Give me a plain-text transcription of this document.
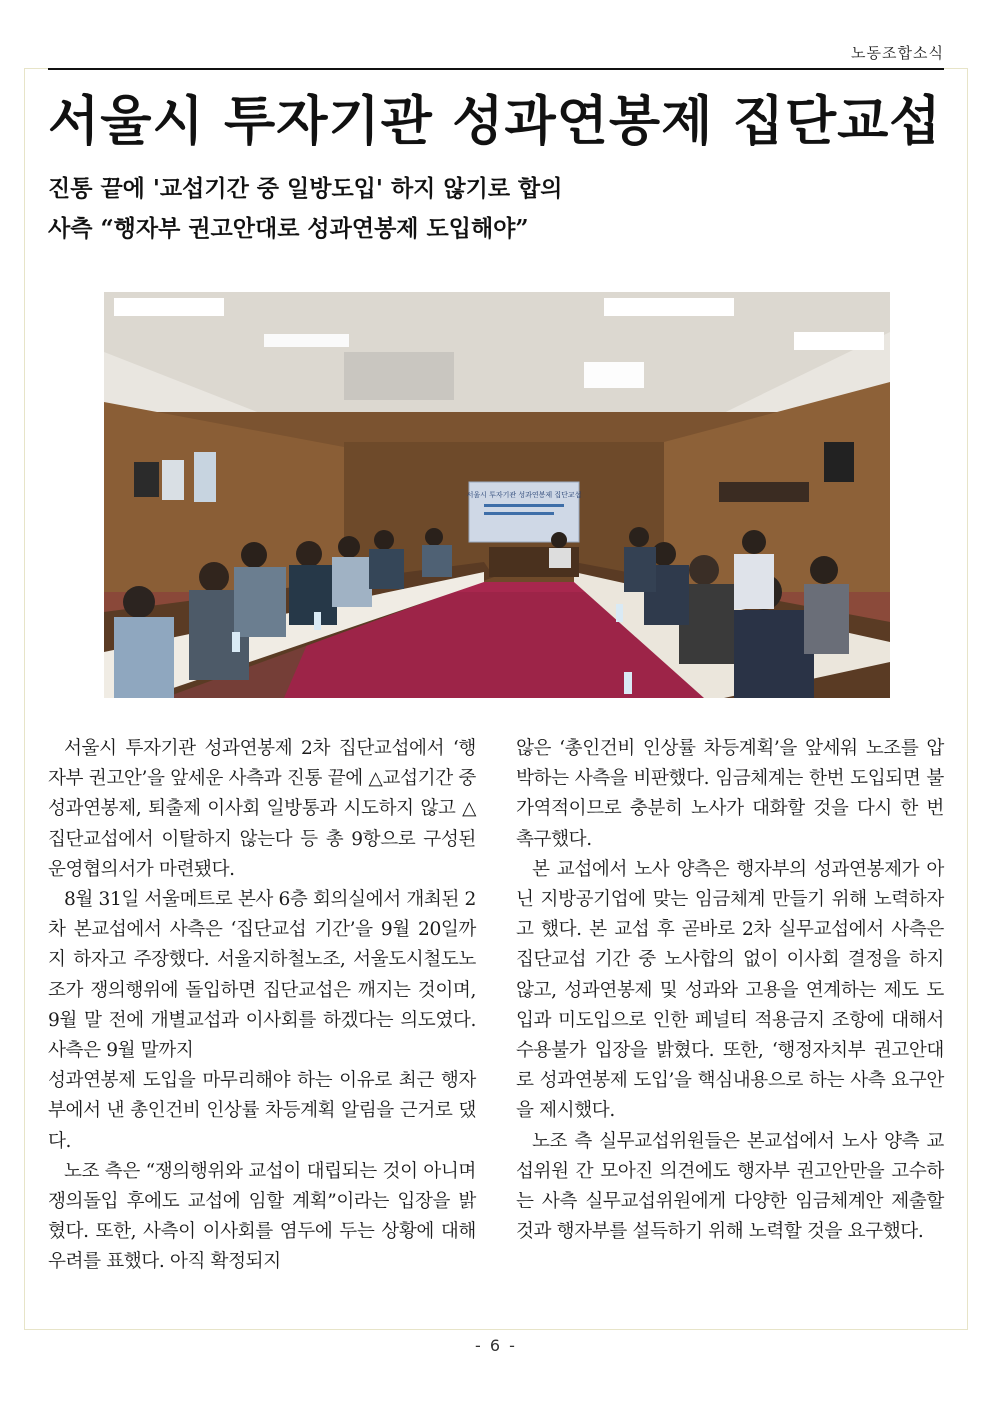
노동조합소식
서울시 투자기관 성과연봉제 집단교섭
진통 끝에 '교섭기간 중 일방도입' 하지 않기로 합의
사측 “행자부 권고안대로 성과연봉제 도입해야”
서울시 투자기관 성과연봉제 집단교섭

서울시 투자기관 성과연봉제 2차 집단교섭에서 ‘행자부 권고안’을 앞세운 사측과 진통 끝에 △교섭기간 중 성과연봉제, 퇴출제 이사회 일방통과 시도하지 않고 △집단교섭에서 이탈하지 않는다 등 총 9항으로 구성된 운영협의서가 마련됐다.

8월 31일 서울메트로 본사 6층 회의실에서 개최된 2차 본교섭에서 사측은 ‘집단교섭 기간’을 9월 20일까지 하자고 주장했다. 서울지하철노조, 서울도시철도노조가 쟁의행위에 돌입하면 집단교섭은 깨지는 것이며, 9월 말 전에 개별교섭과 이사회를 하겠다는 의도였다. 사측은 9월 말까지

성과연봉제 도입을 마무리해야 하는 이유로 최근 행자부에서 낸 총인건비 인상률 차등계획 알림을 근거로 댔다.

노조 측은 “쟁의행위와 교섭이 대립되는 것이 아니며 쟁의돌입 후에도 교섭에 임할 계획”이라는 입장을 밝혔다. 또한, 사측이 이사회를 염두에 두는 상황에 대해 우려를 표했다. 아직 확정되지

않은 ‘총인건비 인상률 차등계획’을 앞세워 노조를 압박하는 사측을 비판했다. 임금체계는 한번 도입되면 불가역적이므로 충분히 노사가 대화할 것을 다시 한 번 촉구했다.

본 교섭에서 노사 양측은 행자부의 성과연봉제가 아닌 지방공기업에 맞는 임금체계 만들기 위해 노력하자고 했다. 본 교섭 후 곧바로 2차 실무교섭에서 사측은 집단교섭 기간 중 노사합의 없이 이사회 결정을 하지 않고, 성과연봉제 및 성과와 고용을 연계하는 제도 도입과 미도입으로 인한 페널티 적용금지 조항에 대해서 수용불가 입장을 밝혔다. 또한, ‘행정자치부 권고안대로 성과연봉제 도입’을 핵심내용으로 하는 사측 요구안을 제시했다.

노조 측 실무교섭위원들은 본교섭에서 노사 양측 교섭위원 간 모아진 의견에도 행자부 권고안만을 고수하는 사측 실무교섭위원에게 다양한 임금체계안 제출할 것과 행자부를 설득하기 위해 노력할 것을 요구했다.

- 6 -
